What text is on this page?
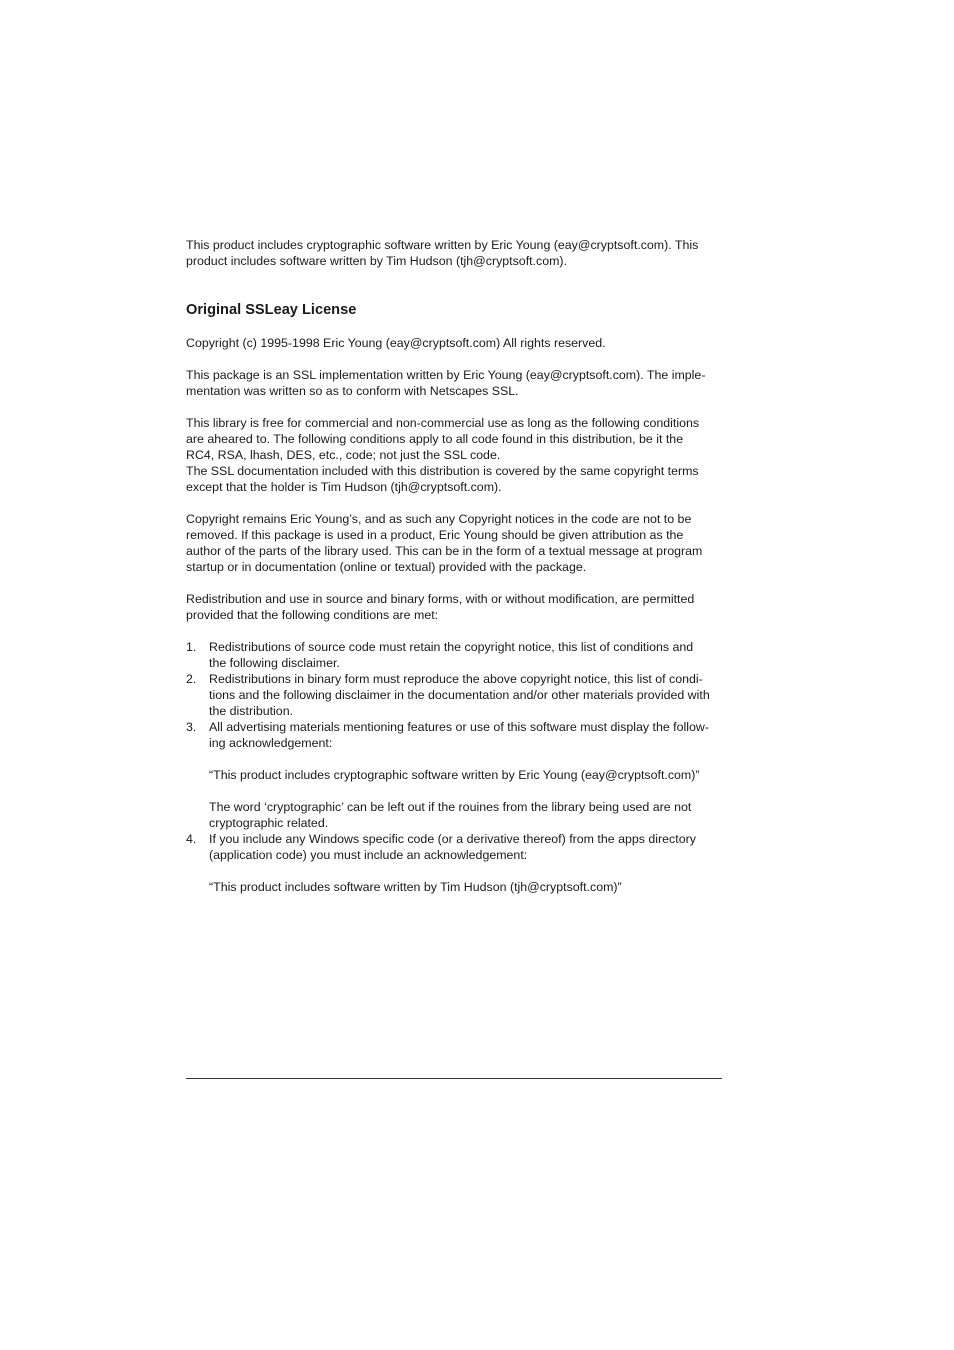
This product includes cryptographic software written by Eric Young (eay@cryptsoft.com). This
product includes software written by Tim Hudson (tjh@cryptsoft.com).

Original SSLeay License

Copyright (c) 1995-1998 Eric Young (eay@cryptsoft.com) All rights reserved.

This package is an SSL implementation written by Eric Young (eay@cryptsoft.com). The imple-
mentation was written so as to conform with Netscapes SSL.

This library is free for commercial and non-commercial use as long as the following conditions
are aheared to. The following conditions apply to all code found in this distribution, be it the
RC4, RSA, lhash, DES, etc., code; not just the SSL code.
The SSL documentation included with this distribution is covered by the same copyright terms
except that the holder is Tim Hudson (tjh@cryptsoft.com).

Copyright remains Eric Young’s, and as such any Copyright notices in the code are not to be
removed. If this package is used in a product, Eric Young should be given attribution as the
author of the parts of the library used. This can be in the form of a textual message at program
startup or in documentation (online or textual) provided with the package.

Redistribution and use in source and binary forms, with or without modification, are permitted
provided that the following conditions are met:

1. Redistributions of source code must retain the copyright notice, this list of conditions and
the following disclaimer.

2. Redistributions in binary form must reproduce the above copyright notice, this list of condi-
tions and the following disclaimer in the documentation and/or other materials provided with
the distribution.

3. All advertising materials mentioning features or use of this software must display the follow-
ing acknowledgement:

“This product includes cryptographic software written by Eric Young (eay@cryptsoft.com)”

The word ‘cryptographic’ can be left out if the rouines from the library being used are not
cryptographic related.

4. If you include any Windows specific code (or a derivative thereof) from the apps directory
(application code) you must include an acknowledgement:

“This product includes software written by Tim Hudson (tjh@cryptsoft.com)”
